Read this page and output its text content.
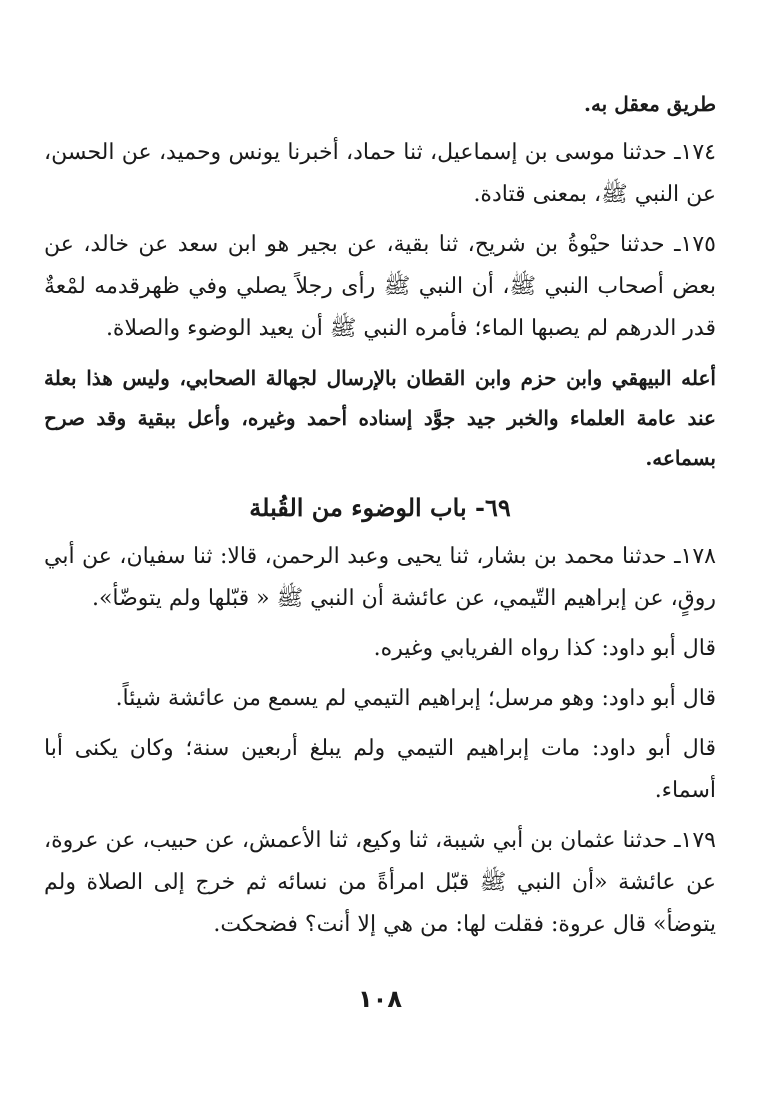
طريق معقل به.

١٧٤ـ حدثنا موسى بن إسماعيل، ثنا حماد، أخبرنا يونس وحميد، عن الحسن، عن النبي ﷺ، بمعنى قتادة.

١٧٥ـ حدثنا حيْوةُ بن شريح، ثنا بقية، عن بجير هو ابن سعد عن خالد، عن بعض أصحاب النبي ﷺ، أن النبي ﷺ رأى رجلاً يصلي وفي ظهرقدمه لمْعةٌ قدر الدرهم لم يصبها الماء؛ فأمره النبي ﷺ أن يعيد الوضوء والصلاة.

أعله البيهقي وابن حزم وابن القطان بالإرسال لجهالة الصحابي، وليس هذا بعلة عند عامة العلماء والخبر جيد جوَّد إسناده أحمد وغيره، وأعل ببقية وقد صرح بسماعه.

٦٩- باب الوضوء من القُبلة

١٧٨ـ حدثنا محمد بن بشار، ثنا يحيى وعبد الرحمن، قالا: ثنا سفيان، عن أبي روقٍ، عن إبراهيم التّيمي، عن عائشة أن النبي ﷺ « قبّلها ولم يتوضّأ».

قال أبو داود: كذا رواه الفريابي وغيره.

قال أبو داود: وهو مرسل؛ إبراهيم التيمي لم يسمع من عائشة شيئاً.

قال أبو داود: مات إبراهيم التيمي ولم يبلغ أربعين سنة؛ وكان يكنى أبا أسماء.

١٧٩ـ حدثنا عثمان بن أبي شيبة، ثنا وكيع، ثنا الأعمش، عن حبيب، عن عروة، عن عائشة «أن النبي ﷺ قبّل امرأةً من نسائه ثم خرج إلى الصلاة ولم يتوضأ» قال عروة: فقلت لها: من هي إلا أنت؟ فضحكت.

١٠٨
